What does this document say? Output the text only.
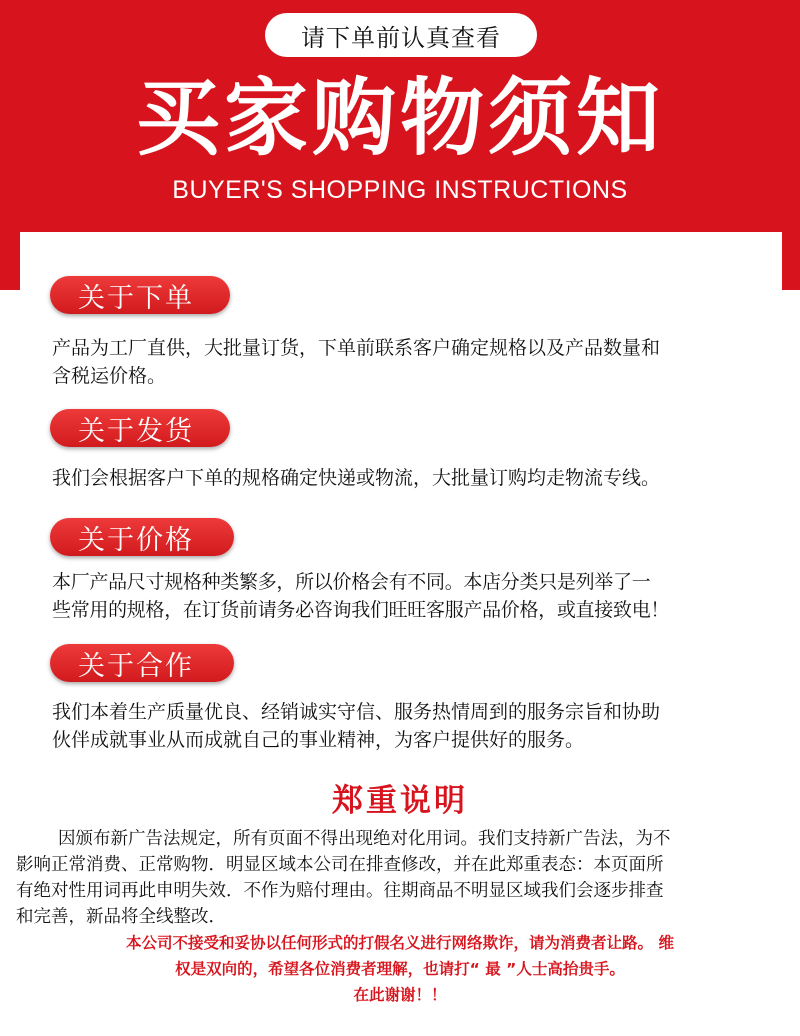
请下单前认真查看
买家购物须知
BUYER'S SHOPPING INSTRUCTIONS
关于下单
产品为工厂直供，大批量订货，下单前联系客户确定规格以及产品数量和
含税运价格。
关于发货
我们会根据客户下单的规格确定快递或物流，大批量订购均走物流专线。
关于价格
本厂产品尺寸规格种类繁多，所以价格会有不同。本店分类只是列举了一
些常用的规格，在订货前请务必咨询我们旺旺客服产品价格，或直接致电！
关于合作
我们本着生产质量优良、经销诚实守信、服务热情周到的服务宗旨和协助
伙伴成就事业从而成就自己的事业精神，为客户提供好的服务。
郑重说明
因颁布新广告法规定，所有页面不得出现绝对化用词。我们支持新广告法，为不
影响正常消费、正常购物．明显区域本公司在排查修改，并在此郑重表态：本页面所
有绝对性用词再此申明失效．不作为赔付理由。往期商品不明显区域我们会逐步排查
和完善，新品将全线整改．
本公司不接受和妥协以任何形式的打假名义进行网络欺诈，请为消费者让路。 维
权是双向的，希望各位消费者理解，也请打“ 最 ”人士高抬贵手。
在此谢谢！！
